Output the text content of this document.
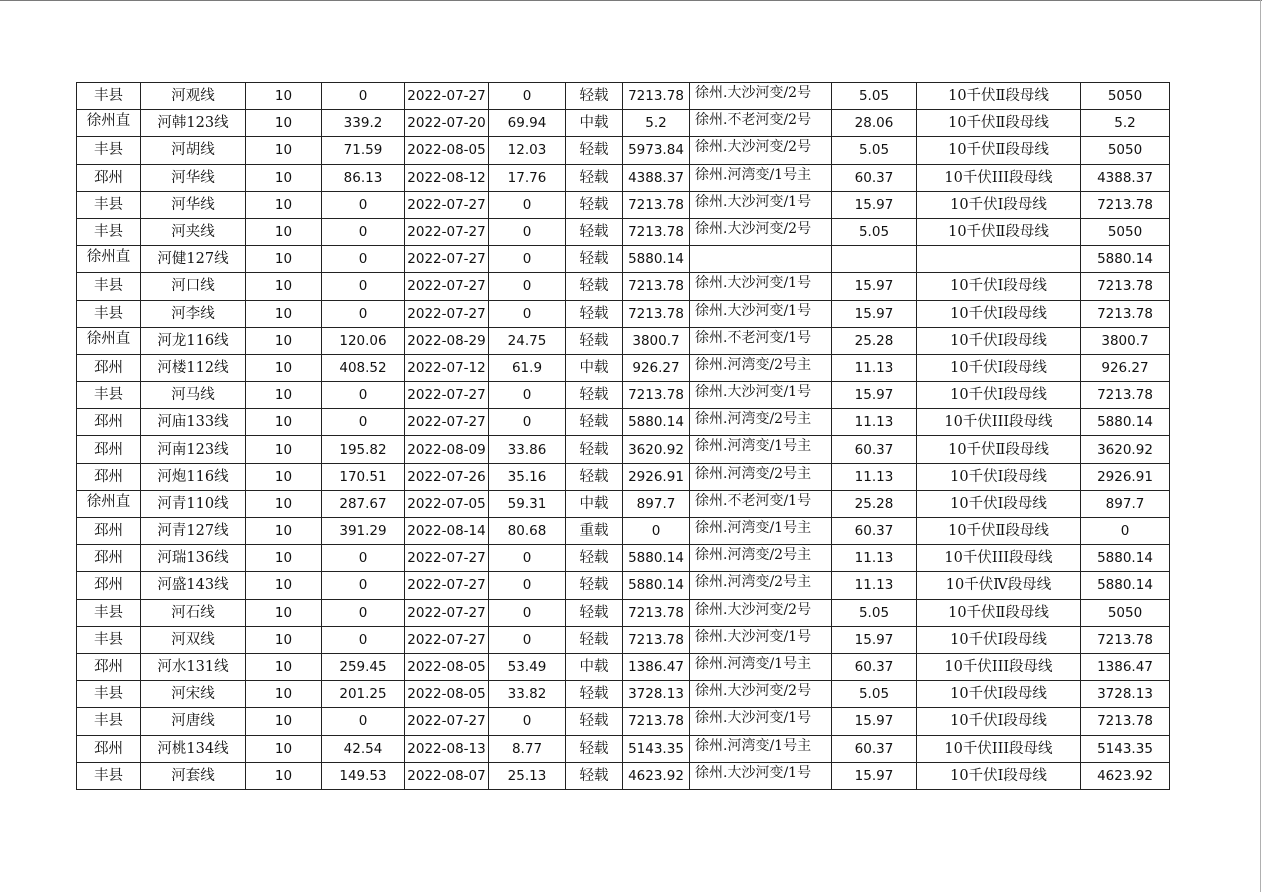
丰县	河观线	10	0	2022-07-27	0	轻载	7213.78	徐州.大沙河变/2号	5.05	10千伏Ⅱ段母线	5050
徐州直	河韩123线	10	339.2	2022-07-20	69.94	中载	5.2	徐州.不老河变/2号	28.06	10千伏Ⅱ段母线	5.2
丰县	河胡线	10	71.59	2022-08-05	12.03	轻载	5973.84	徐州.大沙河变/2号	5.05	10千伏Ⅱ段母线	5050
邳州	河华线	10	86.13	2022-08-12	17.76	轻载	4388.37	徐州.河湾变/1号主	60.37	10千伏III段母线	4388.37
丰县	河华线	10	0	2022-07-27	0	轻载	7213.78	徐州.大沙河变/1号	15.97	10千伏Ⅰ段母线	7213.78
丰县	河夹线	10	0	2022-07-27	0	轻载	7213.78	徐州.大沙河变/2号	5.05	10千伏Ⅱ段母线	5050
徐州直	河健127线	10	0	2022-07-27	0	轻载	5880.14				5880.14
丰县	河口线	10	0	2022-07-27	0	轻载	7213.78	徐州.大沙河变/1号	15.97	10千伏Ⅰ段母线	7213.78
丰县	河李线	10	0	2022-07-27	0	轻载	7213.78	徐州.大沙河变/1号	15.97	10千伏Ⅰ段母线	7213.78
徐州直	河龙116线	10	120.06	2022-08-29	24.75	轻载	3800.7	徐州.不老河变/1号	25.28	10千伏Ⅰ段母线	3800.7
邳州	河楼112线	10	408.52	2022-07-12	61.9	中载	926.27	徐州.河湾变/2号主	11.13	10千伏Ⅰ段母线	926.27
丰县	河马线	10	0	2022-07-27	0	轻载	7213.78	徐州.大沙河变/1号	15.97	10千伏Ⅰ段母线	7213.78
邳州	河庙133线	10	0	2022-07-27	0	轻载	5880.14	徐州.河湾变/2号主	11.13	10千伏III段母线	5880.14
邳州	河南123线	10	195.82	2022-08-09	33.86	轻载	3620.92	徐州.河湾变/1号主	60.37	10千伏Ⅱ段母线	3620.92
邳州	河炮116线	10	170.51	2022-07-26	35.16	轻载	2926.91	徐州.河湾变/2号主	11.13	10千伏Ⅰ段母线	2926.91
徐州直	河青110线	10	287.67	2022-07-05	59.31	中载	897.7	徐州.不老河变/1号	25.28	10千伏Ⅰ段母线	897.7
邳州	河青127线	10	391.29	2022-08-14	80.68	重载	0	徐州.河湾变/1号主	60.37	10千伏Ⅱ段母线	0
邳州	河瑞136线	10	0	2022-07-27	0	轻载	5880.14	徐州.河湾变/2号主	11.13	10千伏III段母线	5880.14
邳州	河盛143线	10	0	2022-07-27	0	轻载	5880.14	徐州.河湾变/2号主	11.13	10千伏Ⅳ段母线	5880.14
丰县	河石线	10	0	2022-07-27	0	轻载	7213.78	徐州.大沙河变/2号	5.05	10千伏Ⅱ段母线	5050
丰县	河双线	10	0	2022-07-27	0	轻载	7213.78	徐州.大沙河变/1号	15.97	10千伏Ⅰ段母线	7213.78
邳州	河水131线	10	259.45	2022-08-05	53.49	中载	1386.47	徐州.河湾变/1号主	60.37	10千伏III段母线	1386.47
丰县	河宋线	10	201.25	2022-08-05	33.82	轻载	3728.13	徐州.大沙河变/2号	5.05	10千伏Ⅰ段母线	3728.13
丰县	河唐线	10	0	2022-07-27	0	轻载	7213.78	徐州.大沙河变/1号	15.97	10千伏Ⅰ段母线	7213.78
邳州	河桃134线	10	42.54	2022-08-13	8.77	轻载	5143.35	徐州.河湾变/1号主	60.37	10千伏III段母线	5143.35
丰县	河套线	10	149.53	2022-08-07	25.13	轻载	4623.92	徐州.大沙河变/1号	15.97	10千伏Ⅰ段母线	4623.92
